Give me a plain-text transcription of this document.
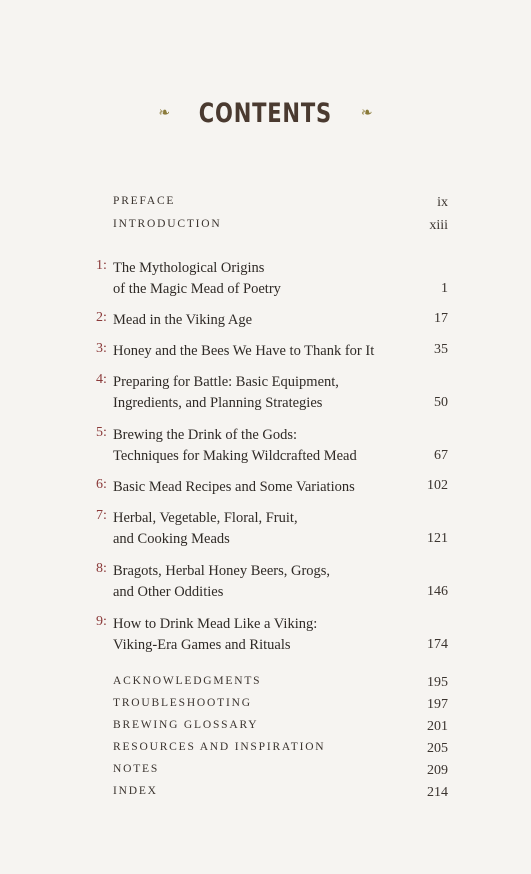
❧ CONTENTS ❧
PREFACE	ix
INTRODUCTION	xiii
1: The Mythological Origins
of the Magic Mead of Poetry	1
2: Mead in the Viking Age	17
3: Honey and the Bees We Have to Thank for It	35
4: Preparing for Battle: Basic Equipment,
Ingredients, and Planning Strategies	50
5: Brewing the Drink of the Gods:
Techniques for Making Wildcrafted Mead	67
6: Basic Mead Recipes and Some Variations	102
7: Herbal, Vegetable, Floral, Fruit,
and Cooking Meads	121
8: Bragots, Herbal Honey Beers, Grogs,
and Other Oddities	146
9: How to Drink Mead Like a Viking:
Viking-Era Games and Rituals	174
ACKNOWLEDGMENTS	195
TROUBLESHOOTING	197
BREWING GLOSSARY	201
RESOURCES AND INSPIRATION	205
NOTES	209
INDEX	214
